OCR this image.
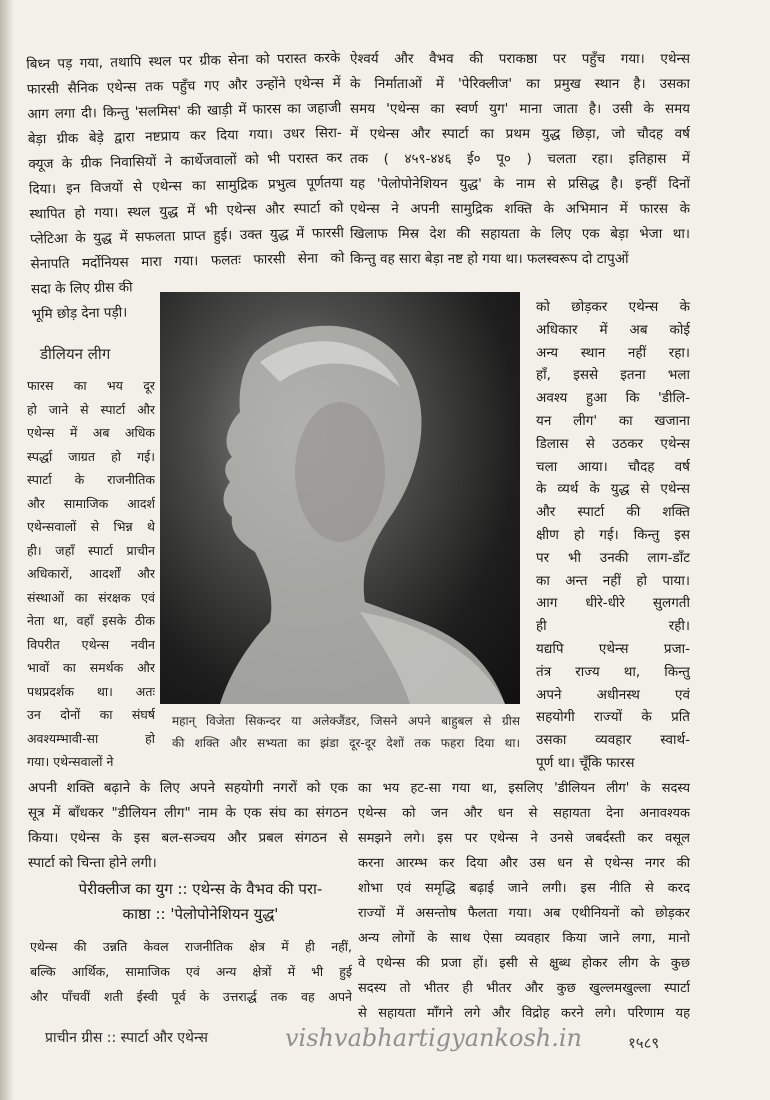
बिध्न पड़ गया, तथापि स्थल पर ग्रीक सेना को परास्त करके
फारसी सैनिक एथेन्स तक पहुँच गए और उन्होंने एथेन्स में
आग लगा दी। किन्तु 'सलमिस' की खाड़ी में फारस का जहाजी
बेड़ा ग्रीक बेड़े द्वारा नष्टप्राय कर दिया गया। उधर सिरा-
क्यूज के ग्रीक निवासियों ने कार्थेजवालों को भी परास्त कर
दिया। इन विजयों से एथेन्स का सामुद्रिक प्रभुत्व पूर्णतया
स्थापित हो गया। स्थल युद्ध में भी एथेन्स और स्पार्टा को
प्लेटिआ के युद्ध में सफलता प्राप्त हुई। उक्त युद्ध में फारसी
सेनापति मर्दोनियस मारा गया। फलतः फारसी सेना को
सदा के लिए ग्रीस की
भूमि छोड़ देना पड़ी।
ऐश्वर्य और वैभव की पराकष्ठा पर पहुँच गया। एथेन्स
के निर्माताओं में 'पेरिक्लीज' का प्रमुख स्थान है। उसका
समय 'एथेन्स का स्वर्ण युग' माना जाता है। उसी के समय
में एथेन्स और स्पार्टा का प्रथम युद्ध छिड़ा, जो चौदह वर्ष
तक ( ४५९-४४६ ई० पू० ) चलता रहा। इतिहास में
यह 'पेलोपोनेशियन युद्ध' के नाम से प्रसिद्ध है। इन्हीं दिनों
एथेन्स ने अपनी सामुद्रिक शक्ति के अभिमान में फारस के
खिलाफ मिस्र देश की सहायता के लिए एक बेड़ा भेजा था।
किन्तु वह सारा बेड़ा नष्ट हो गया था। फलस्वरूप दो टापुओं
को छोड़कर एथेन्स के
अधिकार में अब कोई
अन्य स्थान नहीं रहा।
हाँ, इससे इतना भला
अवश्य हुआ कि 'डीलि-
यन लीग' का खजाना
डिलास से उठकर एथेन्स
चला आया। चौदह वर्ष
के व्यर्थ के युद्ध से एथेन्स
और स्पार्टा की शक्ति
क्षीण हो गई। किन्तु इस
पर भी उनकी लाग-डाँट
का अन्त नहीं हो पाया।
आग धीरे-धीरे सुलगती
ही रही।
यद्यपि एथेन्स प्रजा-
तंत्र राज्य था, किन्तु
अपने अधीनस्थ एवं
सहयोगी राज्यों के प्रति
उसका व्यवहार स्वार्थ-
पूर्ण था। चूँकि फारस
डीलियन लीग
फारस का भय दूर
हो जाने से स्पार्टा और
एथेन्स में अब अधिक
स्पर्द्धा जाग्रत हो गई।
स्पार्टा के राजनीतिक
और सामाजिक आदर्श
एथेन्सवालों से भिन्न थे
ही। जहाँ स्पार्टा प्राचीन
अधिकारों, आदर्शों और
संस्थाओं का संरक्षक एवं
नेता था, वहाँ इसके ठीक
विपरीत एथेन्स नवीन
भावों का समर्थक और
पथप्रदर्शक था। अतः
उन दोनों का संघर्ष
अवश्यम्भावी-सा हो
गया। एथेन्सवालों ने
महान् विजेता सिकन्दर या अलेक्जैंडर, जिसने अपने बाहुबल से ग्रीस
की शक्ति और सभ्यता का झंडा दूर-दूर देशों तक फहरा दिया था।
अपनी शक्ति बढ़ाने के लिए अपने सहयोगी नगरों को एक
सूत्र में बाँधकर "डीलियन लीग" नाम के एक संघ का संगठन
किया। एथेन्स के इस बल-सञ्चय और प्रबल संगठन से
स्पार्टा को चिन्ता होने लगी।
पेरीक्लीज का युग :: एथेन्स के वैभव की परा-
काष्ठा :: 'पेलोपोनेशियन युद्ध'
एथेन्स की उन्नति केवल राजनीतिक क्षेत्र में ही नहीं,
बल्कि आर्थिक, सामाजिक एवं अन्य क्षेत्रों में भी हुई
और पाँचवीं शती ईस्वी पूर्व के उत्तरार्द्ध तक वह अपने
का भय हट-सा गया था, इसलिए 'डीलियन लीग' के सदस्य
एथेन्स को जन और धन से सहायता देना अनावश्यक
समझने लगे। इस पर एथेन्स ने उनसे जबर्दस्ती कर वसूल
करना आरम्भ कर दिया और उस धन से एथेन्स नगर की
शोभा एवं समृद्धि बढ़ाई जाने लगी। इस नीति से करद
राज्यों में असन्तोष फैलता गया। अब एथीनियनों को छोड़कर
अन्य लोगों के साथ ऐसा व्यवहार किया जाने लगा, मानो
वे एथेन्स की प्रजा हों। इसी से क्षुब्ध होकर लीग के कुछ
सदस्य तो भीतर ही भीतर और कुछ खुल्लमखुल्ला स्पार्टा
से सहायता माँगने लगे और विद्रोह करने लगे। परिणाम यह
प्राचीन ग्रीस :: स्पार्टा और एथेन्स	vishvabhartigyankosh.in	१५८९
